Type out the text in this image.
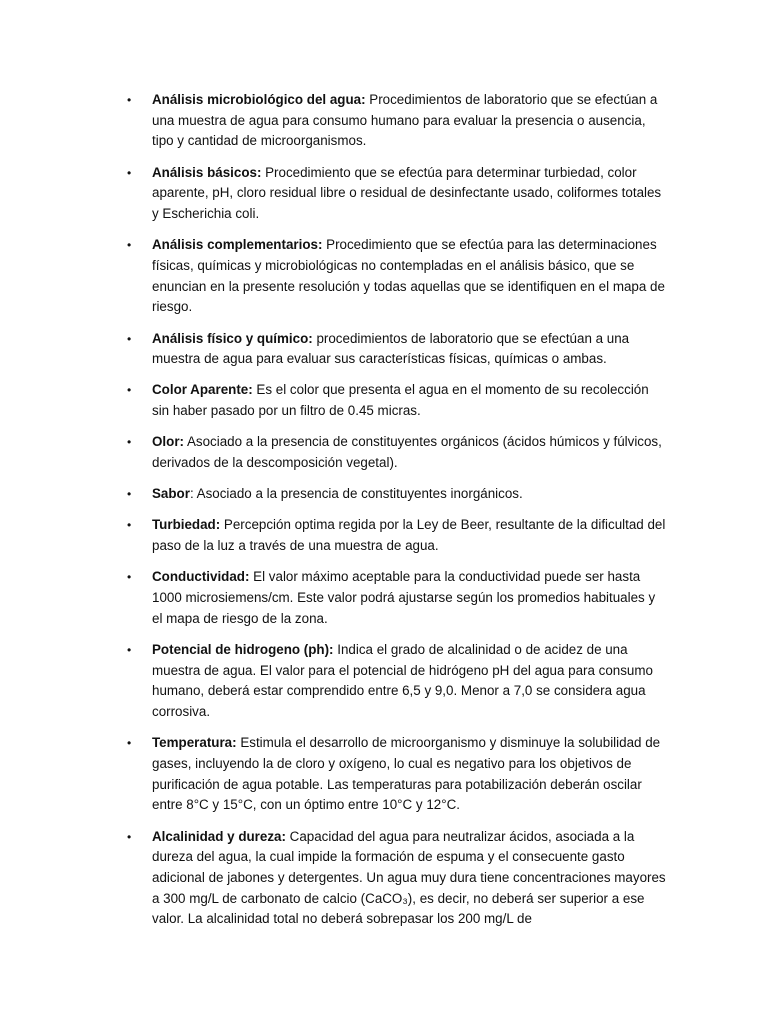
• Análisis microbiológico del agua: Procedimientos de laboratorio que se efectúan a una muestra de agua para consumo humano para evaluar la presencia o ausencia, tipo y cantidad de microorganismos.
• Análisis básicos: Procedimiento que se efectúa para determinar turbiedad, color aparente, pH, cloro residual libre o residual de desinfectante usado, coliformes totales y Escherichia coli.
• Análisis complementarios: Procedimiento que se efectúa para las determinaciones físicas, químicas y microbiológicas no contempladas en el análisis básico, que se enuncian en la presente resolución y todas aquellas que se identifiquen en el mapa de riesgo.
• Análisis físico y químico: procedimientos de laboratorio que se efectúan a una muestra de agua para evaluar sus características físicas, químicas o ambas.
• Color Aparente: Es el color que presenta el agua en el momento de su recolección sin haber pasado por un filtro de 0.45 micras.
• Olor: Asociado a la presencia de constituyentes orgánicos (ácidos húmicos y fúlvicos, derivados de la descomposición vegetal).
• Sabor: Asociado a la presencia de constituyentes inorgánicos.
• Turbiedad: Percepción optima regida por la Ley de Beer, resultante de la dificultad del paso de la luz a través de una muestra de agua.
• Conductividad: El valor máximo aceptable para la conductividad puede ser hasta 1000 microsiemens/cm. Este valor podrá ajustarse según los promedios habituales y el mapa de riesgo de la zona.
• Potencial de hidrogeno (ph): Indica el grado de alcalinidad o de acidez de una muestra de agua. El valor para el potencial de hidrógeno pH del agua para consumo humano, deberá estar comprendido entre 6,5 y 9,0. Menor a 7,0 se considera agua corrosiva.
• Temperatura: Estimula el desarrollo de microorganismo y disminuye la solubilidad de gases, incluyendo la de cloro y oxígeno, lo cual es negativo para los objetivos de purificación de agua potable. Las temperaturas para potabilización deberán oscilar entre 8°C y 15°C, con un óptimo entre 10°C y 12°C.
• Alcalinidad y dureza: Capacidad del agua para neutralizar ácidos, asociada a la dureza del agua, la cual impide la formación de espuma y el consecuente gasto adicional de jabones y detergentes. Un agua muy dura tiene concentraciones mayores a 300 mg/L de carbonato de calcio (CaCO₃), es decir, no deberá ser superior a ese valor. La alcalinidad total no deberá sobrepasar los 200 mg/L de
